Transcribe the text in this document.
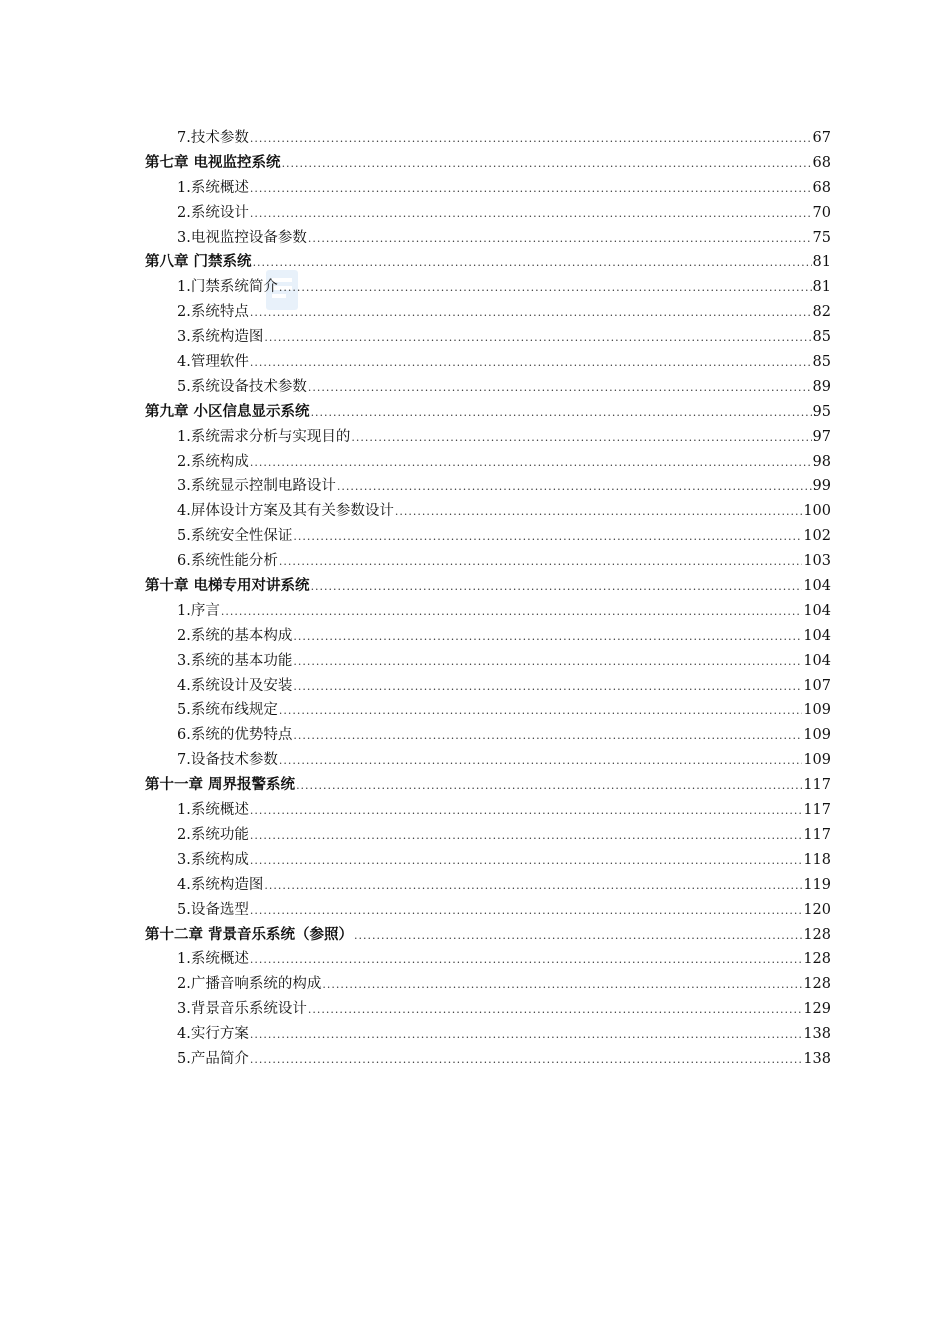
7.技术参数 .....	67
第七章 电视监控系统 .....	68
1.系统概述 .....	68
2.系统设计 .....	70
3.电视监控设备参数 .....	75
第八章 门禁系统 .....	81
1.门禁系统简介 .....	81
2.系统特点 .....	82
3.系统构造图 .....	85
4.管理软件 .....	85
5.系统设备技术参数 .....	89
第九章 小区信息显示系统 .....	95
1.系统需求分析与实现目的 .....	97
2.系统构成 .....	98
3.系统显示控制电路设计 .....	99
4.屏体设计方案及其有关参数设计 .....	100
5.系统安全性保证 .....	102
6.系统性能分析 .....	103
第十章 电梯专用对讲系统 .....	104
1.序言 .....	104
2.系统的基本构成 .....	104
3.系统的基本功能 .....	104
4.系统设计及安装 .....	107
5.系统布线规定 .....	109
6.系统的优势特点 .....	109
7.设备技术参数 .....	109
第十一章 周界报警系统 .....	117
1.系统概述 .....	117
2.系统功能 .....	117
3.系统构成 .....	118
4.系统构造图 .....	119
5.设备选型 .....	120
第十二章 背景音乐系统（参照） .....	128
1.系统概述 .....	128
2.广播音响系统的构成 .....	128
3.背景音乐系统设计 .....	129
4.实行方案 .....	138
5.产品简介 .....	138
